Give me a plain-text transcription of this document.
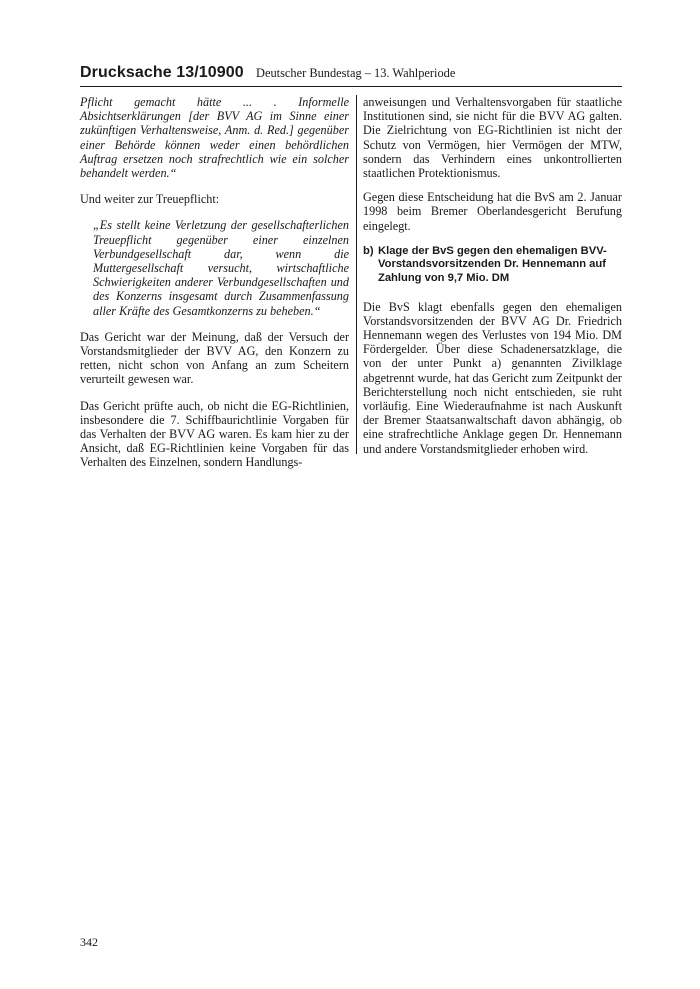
Drucksache 13/10900 Deutscher Bundestag – 13. Wahlperiode

Pflicht gemacht hätte ... . Informelle Absichtserklärungen [der BVV AG im Sinne einer zukünftigen Verhaltensweise, Anm. d. Red.] gegenüber einer Behörde können weder einen behördlichen Auftrag ersetzen noch strafrechtlich wie ein solcher behandelt werden.“

Und weiter zur Treuepflicht:

„Es stellt keine Verletzung der gesellschafterlichen Treuepflicht gegenüber einer einzelnen Verbundgesellschaft dar, wenn die Muttergesellschaft versucht, wirtschaftliche Schwierigkeiten anderer Verbundgesellschaften und des Konzerns insgesamt durch Zusammenfassung aller Kräfte des Gesamtkonzerns zu beheben.“

Das Gericht war der Meinung, daß der Versuch der Vorstandsmitglieder der BVV AG, den Konzern zu retten, nicht schon von Anfang an zum Scheitern verurteilt gewesen war.

Das Gericht prüfte auch, ob nicht die EG-Richtlinien, insbesondere die 7. Schiffbaurichtlinie Vorgaben für das Verhalten der BVV AG waren. Es kam hier zu der Ansicht, daß EG-Richtlinien keine Vorgaben für das Verhalten des Einzelnen, sondern Handlungs-

anweisungen und Verhaltensvorgaben für staatliche Institutionen sind, sie nicht für die BVV AG galten. Die Zielrichtung von EG-Richtlinien ist nicht der Schutz von Vermögen, hier Vermögen der MTW, sondern das Verhindern eines unkontrollierten staatlichen Protektionismus.

Gegen diese Entscheidung hat die BvS am 2. Januar 1998 beim Bremer Oberlandesgericht Berufung eingelegt.

b) Klage der BvS gegen den ehemaligen BVV-Vorstandsvorsitzenden Dr. Hennemann auf Zahlung von 9,7 Mio. DM

Die BvS klagt ebenfalls gegen den ehemaligen Vorstandsvorsitzenden der BVV AG Dr. Friedrich Hennemann wegen des Verlustes von 194 Mio. DM Fördergelder. Über diese Schadenersatzklage, die von der unter Punkt a) genannten Zivilklage abgetrennt wurde, hat das Gericht zum Zeitpunkt der Berichterstellung noch nicht entschieden, sie ruht vorläufig. Eine Wiederaufnahme ist nach Auskunft der Bremer Staatsanwaltschaft davon abhängig, ob eine strafrechtliche Anklage gegen Dr. Hennemann und andere Vorstandsmitglieder erhoben wird.

342
